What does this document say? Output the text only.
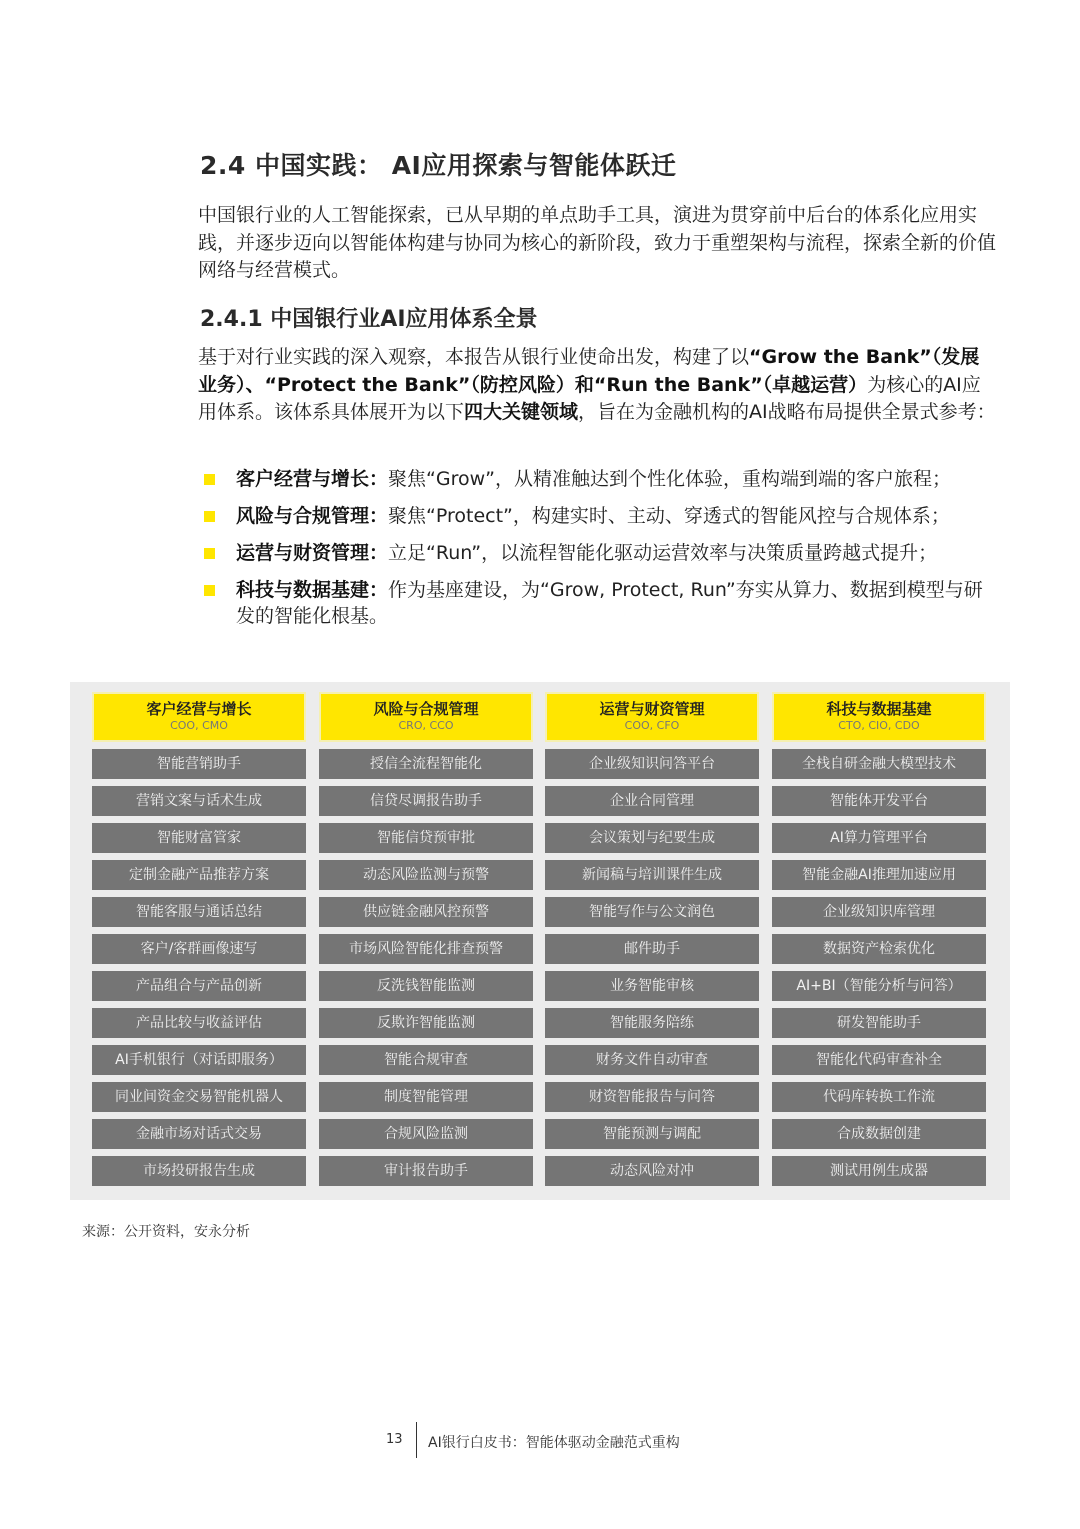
2.4 中国实践： AI应用探索与智能体跃迁
中国银行业的人工智能探索，已从早期的单点助手工具，演进为贯穿前中后台的体系化应用实践，并逐步迈向以智能体构建与协同为核心的新阶段，致力于重塑架构与流程，探索全新的价值网络与经营模式。
2.4.1 中国银行业AI应用体系全景
基于对行业实践的深入观察，本报告从银行业使命出发，构建了以“Grow the Bank”（发展业务）、“Protect the Bank”（防控风险）和“Run the Bank”（卓越运营）为核心的AI应用体系。该体系具体展开为以下四大关键领域，旨在为金融机构的AI战略布局提供全景式参考：
客户经营与增长：聚焦“Grow”，从精准触达到个性化体验，重构端到端的客户旅程；
风险与合规管理：聚焦“Protect”，构建实时、主动、穿透式的智能风控与合规体系；
运营与财资管理：立足“Run”，以流程智能化驱动运营效率与决策质量跨越式提升；
科技与数据基建：作为基座建设，为“Grow, Protect, Run”夯实从算力、数据到模型与研发的智能化根基。
客户经营与增长
COO, CMO
智能营销助手
营销文案与话术生成
智能财富管家
定制金融产品推荐方案
智能客服与通话总结
客户/客群画像速写
产品组合与产品创新
产品比较与收益评估
AI手机银行（对话即服务）
同业间资金交易智能机器人
金融市场对话式交易
市场投研报告生成
风险与合规管理
CRO, CCO
授信全流程智能化
信贷尽调报告助手
智能信贷预审批
动态风险监测与预警
供应链金融风控预警
市场风险智能化排查预警
反洗钱智能监测
反欺诈智能监测
智能合规审查
制度智能管理
合规风险监测
审计报告助手
运营与财资管理
COO, CFO
企业级知识问答平台
企业合同管理
会议策划与纪要生成
新闻稿与培训课件生成
智能写作与公文润色
邮件助手
业务智能审核
智能服务陪练
财务文件自动审查
财资智能报告与问答
智能预测与调配
动态风险对冲
科技与数据基建
CTO, CIO, CDO
全栈自研金融大模型技术
智能体开发平台
AI算力管理平台
智能金融AI推理加速应用
企业级知识库管理
数据资产检索优化
AI+BI（智能分析与问答）
研发智能助手
智能化代码审查补全
代码库转换工作流
合成数据创建
测试用例生成器
来源：公开资料，安永分析
13 AI银行白皮书：智能体驱动金融范式重构
